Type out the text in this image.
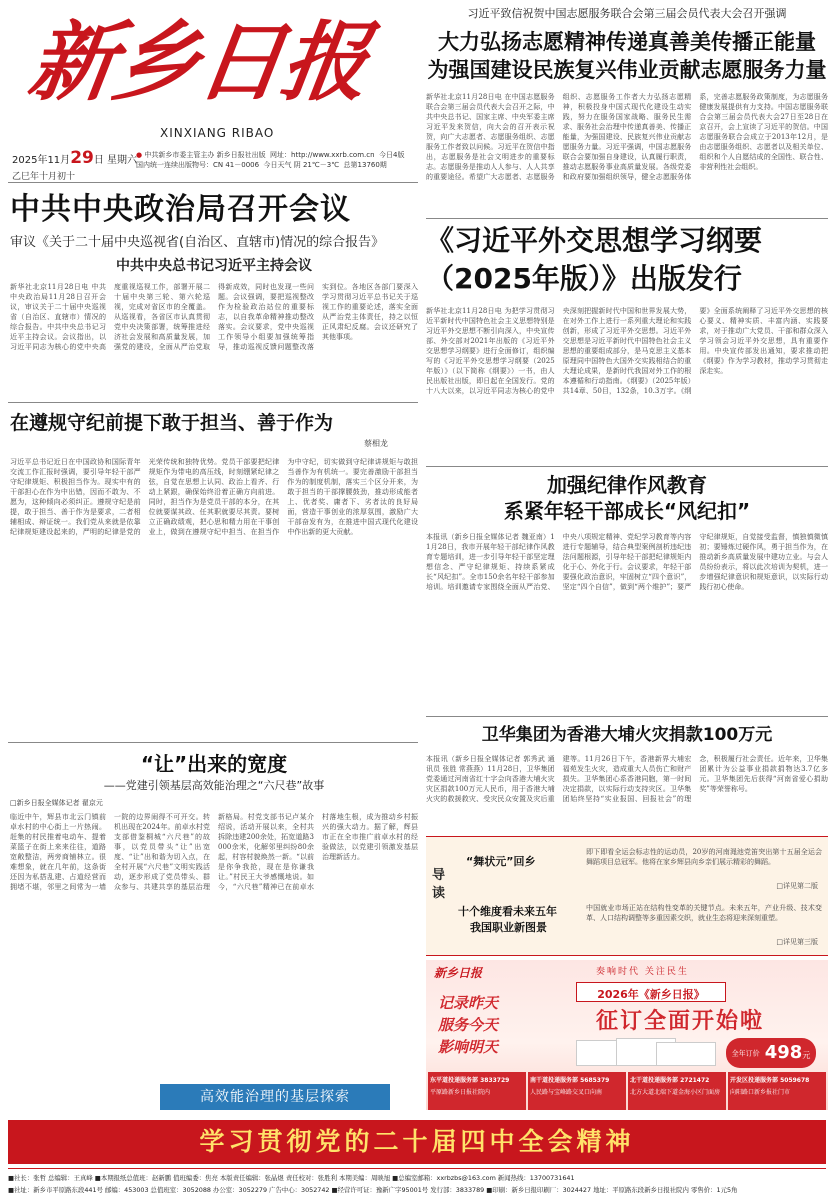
新乡日报
XINXIANG RIBAO
2025年11月29日 星期六
乙巳年十月初十
● 中共新乡市委主管主办 新乡日报社出版 网址：http://www.xxrb.com.cn 今日4版
国内统一连续出版物号：CN 41－0006 今日天气 阴 21℃－3℃ 总第13760期
习近平致信祝贺中国志愿服务联合会第三届会员代表大会召开强调
大力弘扬志愿精神传递真善美传播正能量
为强国建设民族复兴伟业贡献志愿服务力量
新华社北京11月28日电 在中国志愿服务联合会第三届会员代表大会召开之际，中共中央总书记、国家主席、中央军委主席习近平发来贺信，向大会的召开表示祝贺，向广大志愿者、志愿服务组织、志愿服务工作者致以问候。习近平在贺信中指出，志愿服务是社会文明进步的重要标志。志愿服务是推动人人参与、人人共享的重要途径。希望广大志愿者、志愿服务组织、志愿服务工作者大力弘扬志愿精神，积极投身中国式现代化建设生动实践，努力在服务国家战略、服务民生需求、服务社会治理中传递真善美、传播正能量，为强国建设、民族复兴伟业贡献志愿服务力量。习近平强调，中国志愿服务联合会要加强自身建设，认真履行职责，推动志愿服务事业高质量发展。各级党委和政府要加强组织领导，健全志愿服务体系，完善志愿服务政策制度，为志愿服务健康发展提供有力支持。中国志愿服务联合会第三届会员代表大会27日至28日在京召开，会上宣读了习近平的贺信。中国志愿服务联合会成立于2013年12月，是由志愿服务组织、志愿者以及相关单位、组织和个人自愿结成的全国性、联合性、非营利性社会组织。
中共中央政治局召开会议
审议《关于二十届中央巡视省(自治区、直辖市)情况的综合报告》
中共中央总书记习近平主持会议
新华社北京11月28日电 中共中央政治局11月28日召开会议，审议关于二十届中央巡视省（自治区、直辖市）情况的综合报告。中共中央总书记习近平主持会议。会议指出，以习近平同志为核心的党中央高度重视巡视工作，部署开展二十届中央第三轮、第六轮巡视，完成对省区市的全覆盖。从巡视看，各省区市认真贯彻党中央决策部署，统筹推进经济社会发展和高质量发展，加强党的建设，全面从严治党取得新成效，同时也发现一些问题。会议强调，要把巡视整改作为检验政治站位的重要标志，以自我革命精神推动整改落实。会议要求，党中央巡视工作领导小组要加强统筹指导，推动巡视反馈问题整改落实到位。各地区各部门要深入学习贯彻习近平总书记关于巡视工作的重要论述，落实全面从严治党主体责任，持之以恒正风肃纪反腐。会议还研究了其他事项。
《习近平外交思想学习纲要
（2025年版）》出版发行
新华社北京11月28日电 为把学习贯彻习近平新时代中国特色社会主义思想特别是习近平外交思想不断引向深入，中央宣传部、外交部对2021年出版的《习近平外交思想学习纲要》进行全面修订，组织编写的《习近平外交思想学习纲要（2025年版）》（以下简称《纲要》）一书，由人民出版社出版，即日起在全国发行。党的十八大以来，以习近平同志为核心的党中央深刻把握新时代中国和世界发展大势，在对外工作上进行一系列重大理论和实践创新，形成了习近平外交思想。习近平外交思想是习近平新时代中国特色社会主义思想的重要组成部分，是马克思主义基本原理同中国特色大国外交实践相结合的重大理论成果，是新时代我国对外工作的根本遵循和行动指南。《纲要》（2025年版）共14章、50目，132条，10.3万字。《纲要》全面系统阐释了习近平外交思想的核心要义、精神实质、丰富内涵、实践要求，对于推动广大党员、干部和群众深入学习领会习近平外交思想，具有重要作用。中央宣传部发出通知，要求推动把《纲要》作为学习教材，推动学习贯彻走深走实。
在遵规守纪前提下敢于担当、善于作为
蔡相龙
习近平总书记近日在中国政协和国际青年交流工作汇报时强调，要引导年轻干部严守纪律规矩、积极担当作为。现实中有的干部担心在作为中出错，因而不敢为、不愿为，这种倾向必须纠正。遵规守纪是前提，敢于担当、善于作为是要求，二者相辅相成、辩证统一。我们党从来就是依靠纪律规矩建设起来的，严明的纪律是党的光荣传统和独特优势。党员干部要把纪律规矩作为带电的高压线，时刻绷紧纪律之弦，自觉在思想上认同、政治上看齐、行动上紧跟，确保始终沿着正确方向前进。同时，担当作为是党员干部的本分，在其位就要谋其政、任其职就要尽其责。要树立正确政绩观，把心思和精力用在干事创业上，做到在遵规守纪中担当、在担当作为中守纪，切实做到守纪律讲规矩与敢担当善作为有机统一。要完善激励干部担当作为的制度机制，落实三个区分开来，为敢于担当的干部撑腰鼓劲，推动形成能者上、优者奖、庸者下、劣者汰的良好局面，营造干事创业的浓厚氛围，激励广大干部奋发有为，在推进中国式现代化建设中作出新的更大贡献。
加强纪律作风教育
系紧年轻干部成长“风纪扣”
本报讯（新乡日报全媒体记者 魏亚南）11月28日，我市开展年轻干部纪律作风教育专题培训，进一步引导年轻干部坚定理想信念、严守纪律规矩、持续系紧成长“风纪扣”。全市150余名年轻干部参加培训。培训邀请专家围绕全面从严治党、中央八项规定精神、党纪学习教育等内容进行专题辅导，结合典型案例剖析违纪违法问题根源，引导年轻干部把纪律规矩内化于心、外化于行。会议要求，年轻干部要强化政治意识，牢固树立“四个意识”，坚定“四个自信”，做到“两个维护”；要严守纪律规矩，自觉接受监督，慎独慎微慎初；要锤炼过硬作风，勇于担当作为，在推动新乡高质量发展中建功立业。与会人员纷纷表示，将以此次培训为契机，进一步增强纪律意识和规矩意识，以实际行动践行初心使命。
卫华集团为香港大埔火灾捐款100万元
本报讯（新乡日报全媒体记者 郭秀武 通讯员 张胜 常燕燕）11月28日，卫华集团党委通过河南省红十字会向香港大埔火灾灾区捐款100万元人民币，用于香港大埔火灾的救援救灾、受灾民众安置及灾后重建等。11月26日下午，香港新界大埔宏福苑发生火灾，造成重大人员伤亡和财产损失。卫华集团心系香港同胞，第一时间决定捐款，以实际行动支持灾区。卫华集团始终坚持“实业报国、回报社会”的理念，积极履行社会责任。近年来，卫华集团累计为公益事业捐款捐物达3.7亿多元。卫华集团先后获得“河南省爱心捐助奖”等荣誉称号。
“让”出来的宽度
——党建引领基层高效能治理之“六尺巷”故事
□新乡日报全媒体记者 翟京元
临近中午，辉县市北云门镇前卓水村的中心街上一片热闹。赶集的村民推着电动车、提着菜篮子在街上来来往往，道路宽敞整洁，两旁商铺林立。很难想象，就在几年前，这条街还因为私搭乱建、占道经营而拥堵不堪，邻里之间常为一墙一院的边界闹得不可开交。转机出现在2024年。前卓水村党支部借鉴桐城“六尺巷”的故事，以党员带头“让”出宽度、“让”出和谐为切入点，在全村开展“六尺巷”文明实践活动，逐步形成了党员带头、群众参与、共建共享的基层治理新格局。村党支部书记卢某介绍说，活动开展以来，全村共拆除违建200余处，拓宽道路3000余米，化解邻里纠纷80余起，村容村貌焕然一新。“以前是你争我抢，现在是你谦我让。”村民王大爷感慨地说。如今，“六尺巷”精神已在前卓水村落地生根，成为推动乡村振兴的强大动力。据了解，辉县市正在全市推广前卓水村的经验做法，以党建引领激发基层治理新活力。
高效能治理的基层探索
导读
“舞状元”回乡
即下即看全运会标志性的运动员，20岁的河南渑池党笛突出第十五届全运会舞蹈项目总冠军。他将在家乡辉县向乡亲们展示精彩的舞蹈。
□详见第二版
十个维度看未来五年
我国职业新图景
中国就业市场正站在结构性变革的关键节点。未来五年，产业升级、技术变革、人口结构调整等多重因素交织，就业生态将迎来深刻重塑。
□详见第三版
新乡日报	奏响时代 关注民生
2026年《新乡日报》
征订全面开始啦
记录昨天
服务今天
影响明天	全年订价 498元
东平道投递服务部 3833729
平原路新乡日报社院内
南干道投递服务部 5685379
人民路与宝峰路交叉口向南
北干道投递服务部 2721472
北方大道北端下道金海小区门面房
开发区投递服务部 5059678
向阳路口新乡报社门市
学习贯彻党的二十届四中全会精神
■社长：张哲 总编辑：王真峰 ■本期报纸总值班：赵新鹏 值班编委：焦亮 本版责任编辑：张晶煜 责任校对：张胜利 本期美编：周映旭 ■总编室邮箱：xxrbzbs@163.com 新闻热线：13700731641
■社址：新乡市平原路东段441号 邮编：453003 总值班室：3052088 办公室：3052279 广告中心：3052742 ■经营许可证：豫新广字95001号 发行部：3833789 ■印刷：新乡日报印刷厂：3024427 地址：平原路东段新乡日报社院内 零售价：1元5角
